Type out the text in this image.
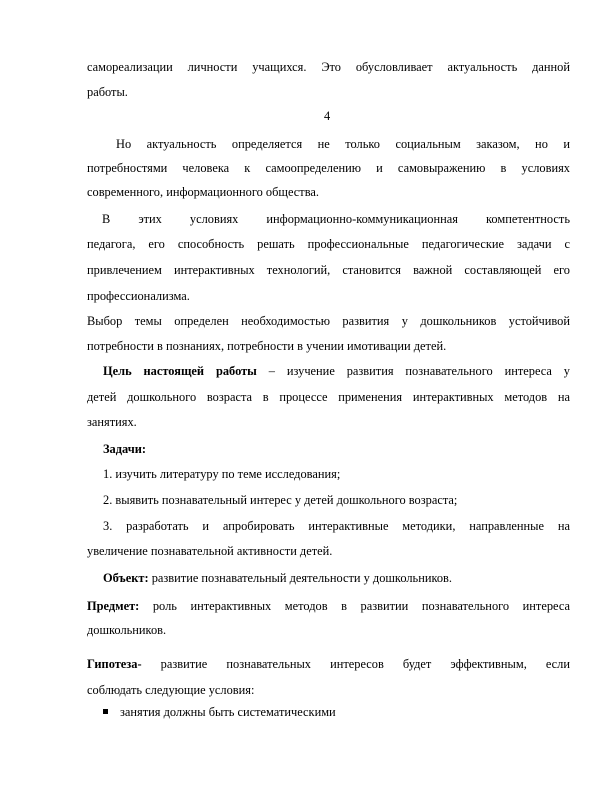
самореализации личности учащихся. Это обусловливает актуальность данной
работы.
4
Но актуальность определяется не только социальным заказом, но и
потребностями человека к самоопределению и самовыражению в условиях
современного, информационного общества.
В этих условиях информационно-коммуникационная компетентность
педагога, его способность решать профессиональные педагогические задачи с
привлечением интерактивных технологий, становится важной составляющей его
профессионализма.
Выбор темы определен необходимостью развития у дошкольников устойчивой
потребности в познаниях, потребности в учении имотивации детей.
Цель настоящей работы – изучение развития познавательного интереса у
детей дошкольного возраста в процессе применения интерактивных методов на
занятиях.
Задачи:
1. изучить литературу по теме исследования;
2. выявить познавательный интерес у детей дошкольного возраста;
3. разработать и апробировать интерактивные методики, направленные на
увеличение познавательной активности детей.
Объект: развитие познавательный деятельности у дошкольников.
Предмет: роль интерактивных методов в развитии познавательного интереса
дошкольников.
Гипотеза- развитие познавательных интересов будет эффективным, если
соблюдать следующие условия:
занятия должны быть систематическими
